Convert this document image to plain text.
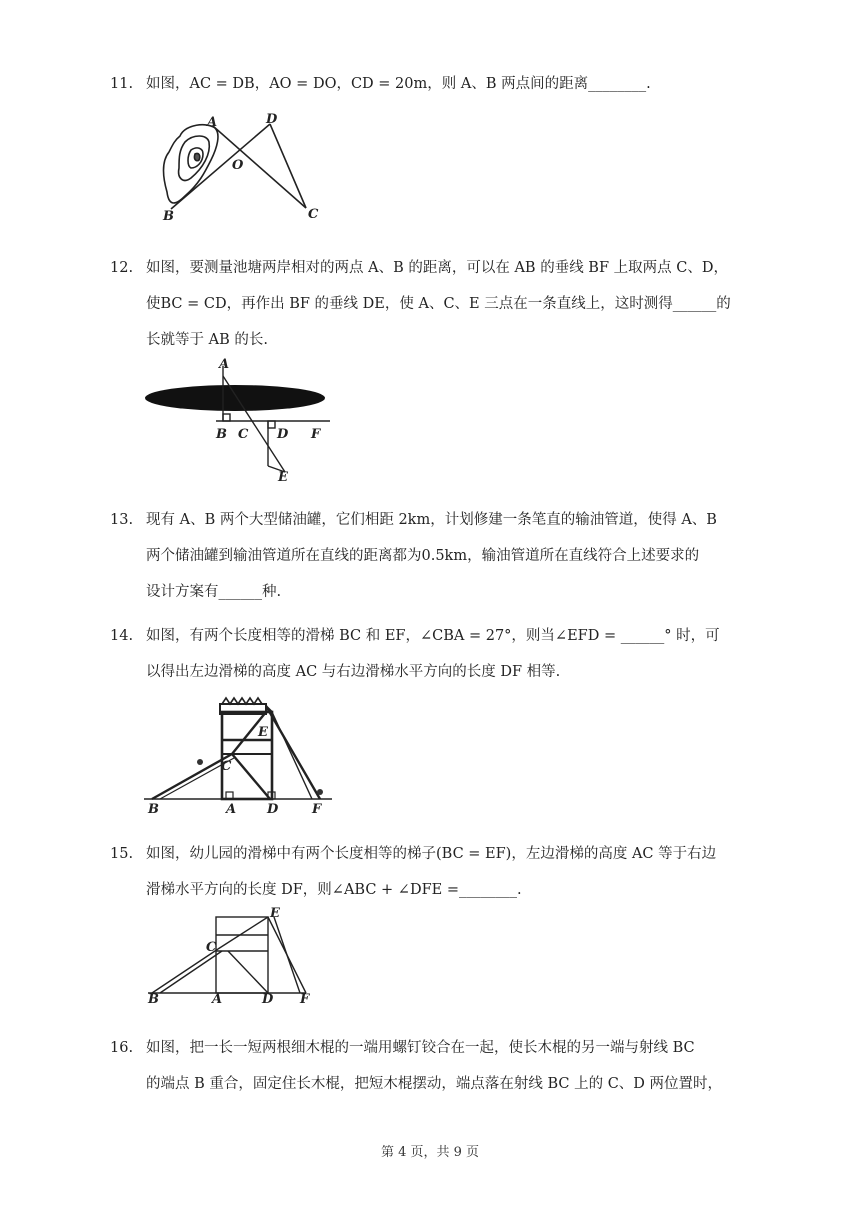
11. 如图，AC = DB，AO = DO，CD = 20m，则 A、B 两点间的距离________.
A	D
O
B	C
12. 如图，要测量池塘两岸相对的两点 A、B 的距离，可以在 AB 的垂线 BF 上取两点 C、D，
使BC = CD，再作出 BF 的垂线 DE，使 A、C、E 三点在一条直线上，这时测得______的
长就等于 AB 的长.
A
B C D F
E
13. 现有 A、B 两个大型储油罐，它们相距 2km，计划修建一条笔直的输油管道，使得 A、B
两个储油罐到输油管道所在直线的距离都为0.5km，输油管道所在直线符合上述要求的
设计方案有______种.
14. 如图，有两个长度相等的滑梯 BC 和 EF，∠CBA = 27°，则当∠EFD = ______° 时，可
以得出左边滑梯的高度 AC 与右边滑梯水平方向的长度 DF 相等.
E
C
B	A D	F
15. 如图，幼儿园的滑梯中有两个长度相等的梯子(BC = EF)，左边滑梯的高度 AC 等于右边
滑梯水平方向的长度 DF，则∠ABC + ∠DFE =________.
E
C
B	A	D F
16. 如图，把一长一短两根细木棍的一端用螺钉铰合在一起，使长木棍的另一端与射线 BC
的端点 B 重合，固定住长木棍，把短木棍摆动，端点落在射线 BC 上的 C、D 两位置时，
第 4 页，共 9 页
